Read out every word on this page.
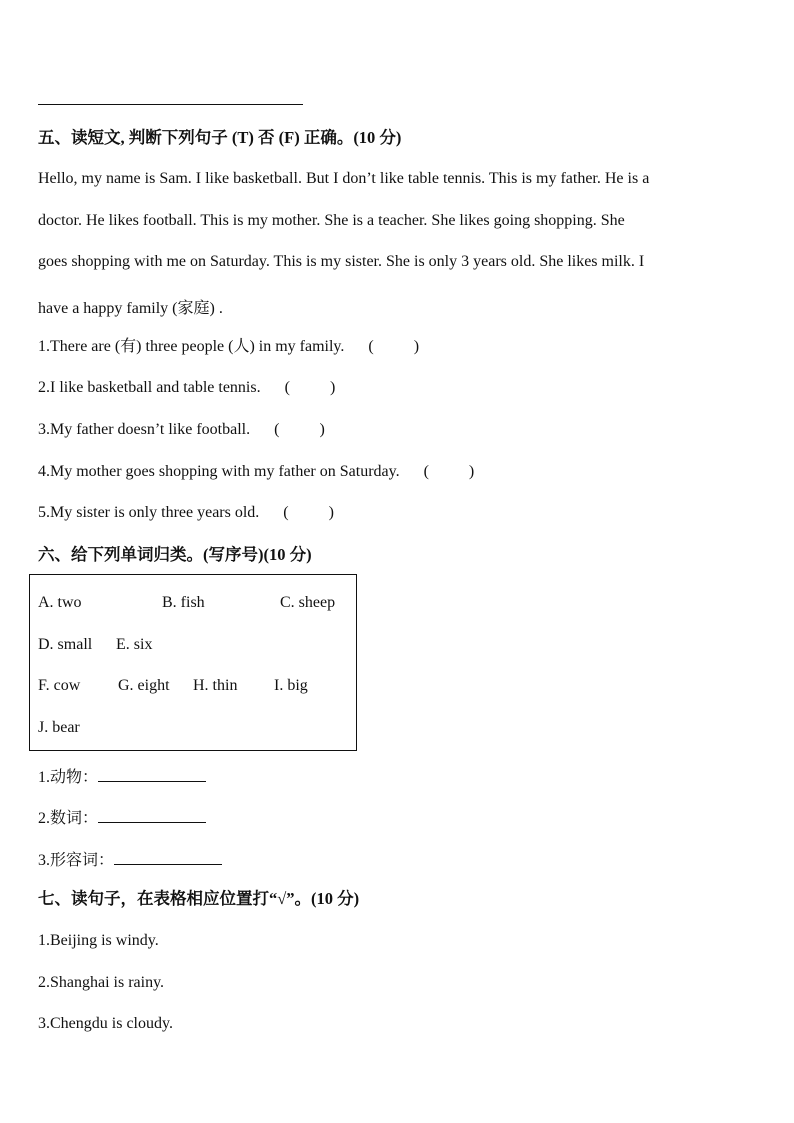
五、读短文, 判断下列句子 (T) 否 (F) 正确。(10 分)
Hello, my name is Sam. I like basketball. But I don’t like table tennis. This is my father. He is a
doctor. He likes football. This is my mother. She is a teacher. She likes going shopping. She
goes shopping with me on Saturday. This is my sister. She is only 3 years old. She likes milk. I
have a happy family (家庭) .
1.There are (有) three people (人) in my family. (          )
2.I like basketball and table tennis. (          )
3.My father doesn’t like football. (          )
4.My mother goes shopping with my father on Saturday. (          )
5.My sister is only three years old. (          )
六、给下列单词归类。(写序号)(10 分)
A. two	B. fish	C. sheep
D. small E. six
F. cow G. eight H. thin I. big
J. bear
1.动物：
2.数词：
3.形容词：
七、读句子，在表格相应位置打“√”。(10 分)
1.Beijing is windy.
2.Shanghai is rainy.
3.Chengdu is cloudy.
